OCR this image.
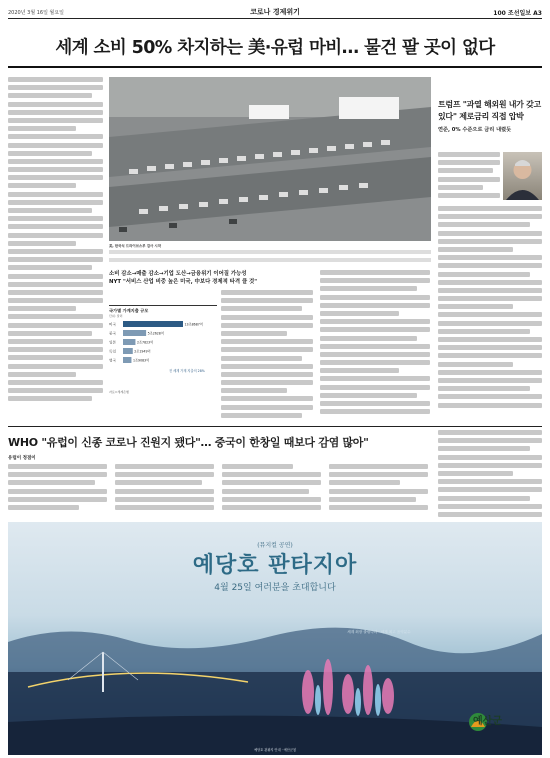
2020년 3월 16일 월요일	코로나 경제위기	100 조선일보 A3
세계 소비 50% 차지하는 美·유럽 마비… 물건 팔 곳이 없다
美, 한국식 드라이브스루 검사 시작
트럼프 "과열 해외원 내가 갖고 있다" 제로금리 직접 압박
연준, 0% 수준으로 금리 내렸듯
소비 감소→매출 감소→기업 도산→금융위기 이어질 가능성
NYT "서비스 산업 비중 높은 미국, 中보다 경제적 타격 클 것"
국가별 가계지출 규모
단위: 달러
미국	13조8687억
중국	5조2628억
일본	2조7823억
독일	2조1949억
영국	1조9083억
전 세계 가계 지출의 28%
자료=세계은행
WHO "유럽이 신종 코로나 진원지 됐다"… 중국이 한창일 때보다 감염 많아"
유럽이 정점이
(뮤지컬 공연)
예당호 판타지아
4월 25일 여러분을 초대합니다
세계 최장 출렁다리 · 세계 최고 음악분수
예산군
예당호 관광지 안내 · 예산군청
